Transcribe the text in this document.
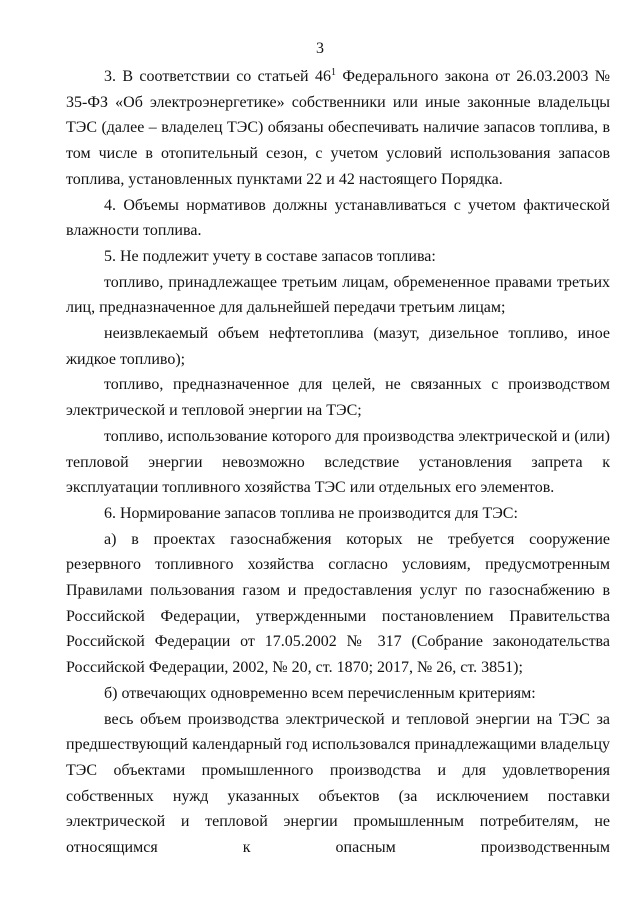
3

3. В соответствии со статьей $46^1$ Федерального закона от 26.03.2003 № 35-ФЗ «Об электроэнергетике» собственники или иные законные владельцы ТЭС (далее – владелец ТЭС) обязаны обеспечивать наличие запасов топлива, в том числе в отопительный сезон, с учетом условий использования запасов топлива, установленных пунктами 22 и 42 настоящего Порядка.

4. Объемы нормативов должны устанавливаться с учетом фактической влажности топлива.

5. Не подлежит учету в составе запасов топлива:

топливо, принадлежащее третьим лицам, обремененное правами третьих лиц, предназначенное для дальнейшей передачи третьим лицам;

неизвлекаемый объем нефтетоплива (мазут, дизельное топливо, иное жидкое топливо);

топливо, предназначенное для целей, не связанных с производством электрической и тепловой энергии на ТЭС;

топливо, использование которого для производства электрической и (или) тепловой энергии невозможно вследствие установления запрета к эксплуатации топливного хозяйства ТЭС или отдельных его элементов.

6. Нормирование запасов топлива не производится для ТЭС:

а) в проектах газоснабжения которых не требуется сооружение резервного топливного хозяйства согласно условиям, предусмотренным Правилами пользования газом и предоставления услуг по газоснабжению в Российской Федерации, утвержденными постановлением Правительства Российской Федерации от 17.05.2002 № 317 (Собрание законодательства Российской Федерации, 2002, № 20, ст. 1870; 2017, № 26, ст. 3851);

б) отвечающих одновременно всем перечисленным критериям:

весь объем производства электрической и тепловой энергии на ТЭС за предшествующий календарный год использовался принадлежащими владельцу ТЭС объектами промышленного производства и для удовлетворения собственных нужд указанных объектов (за исключением поставки электрической и тепловой энергии промышленным потребителям, не относящимся к опасным производственным
